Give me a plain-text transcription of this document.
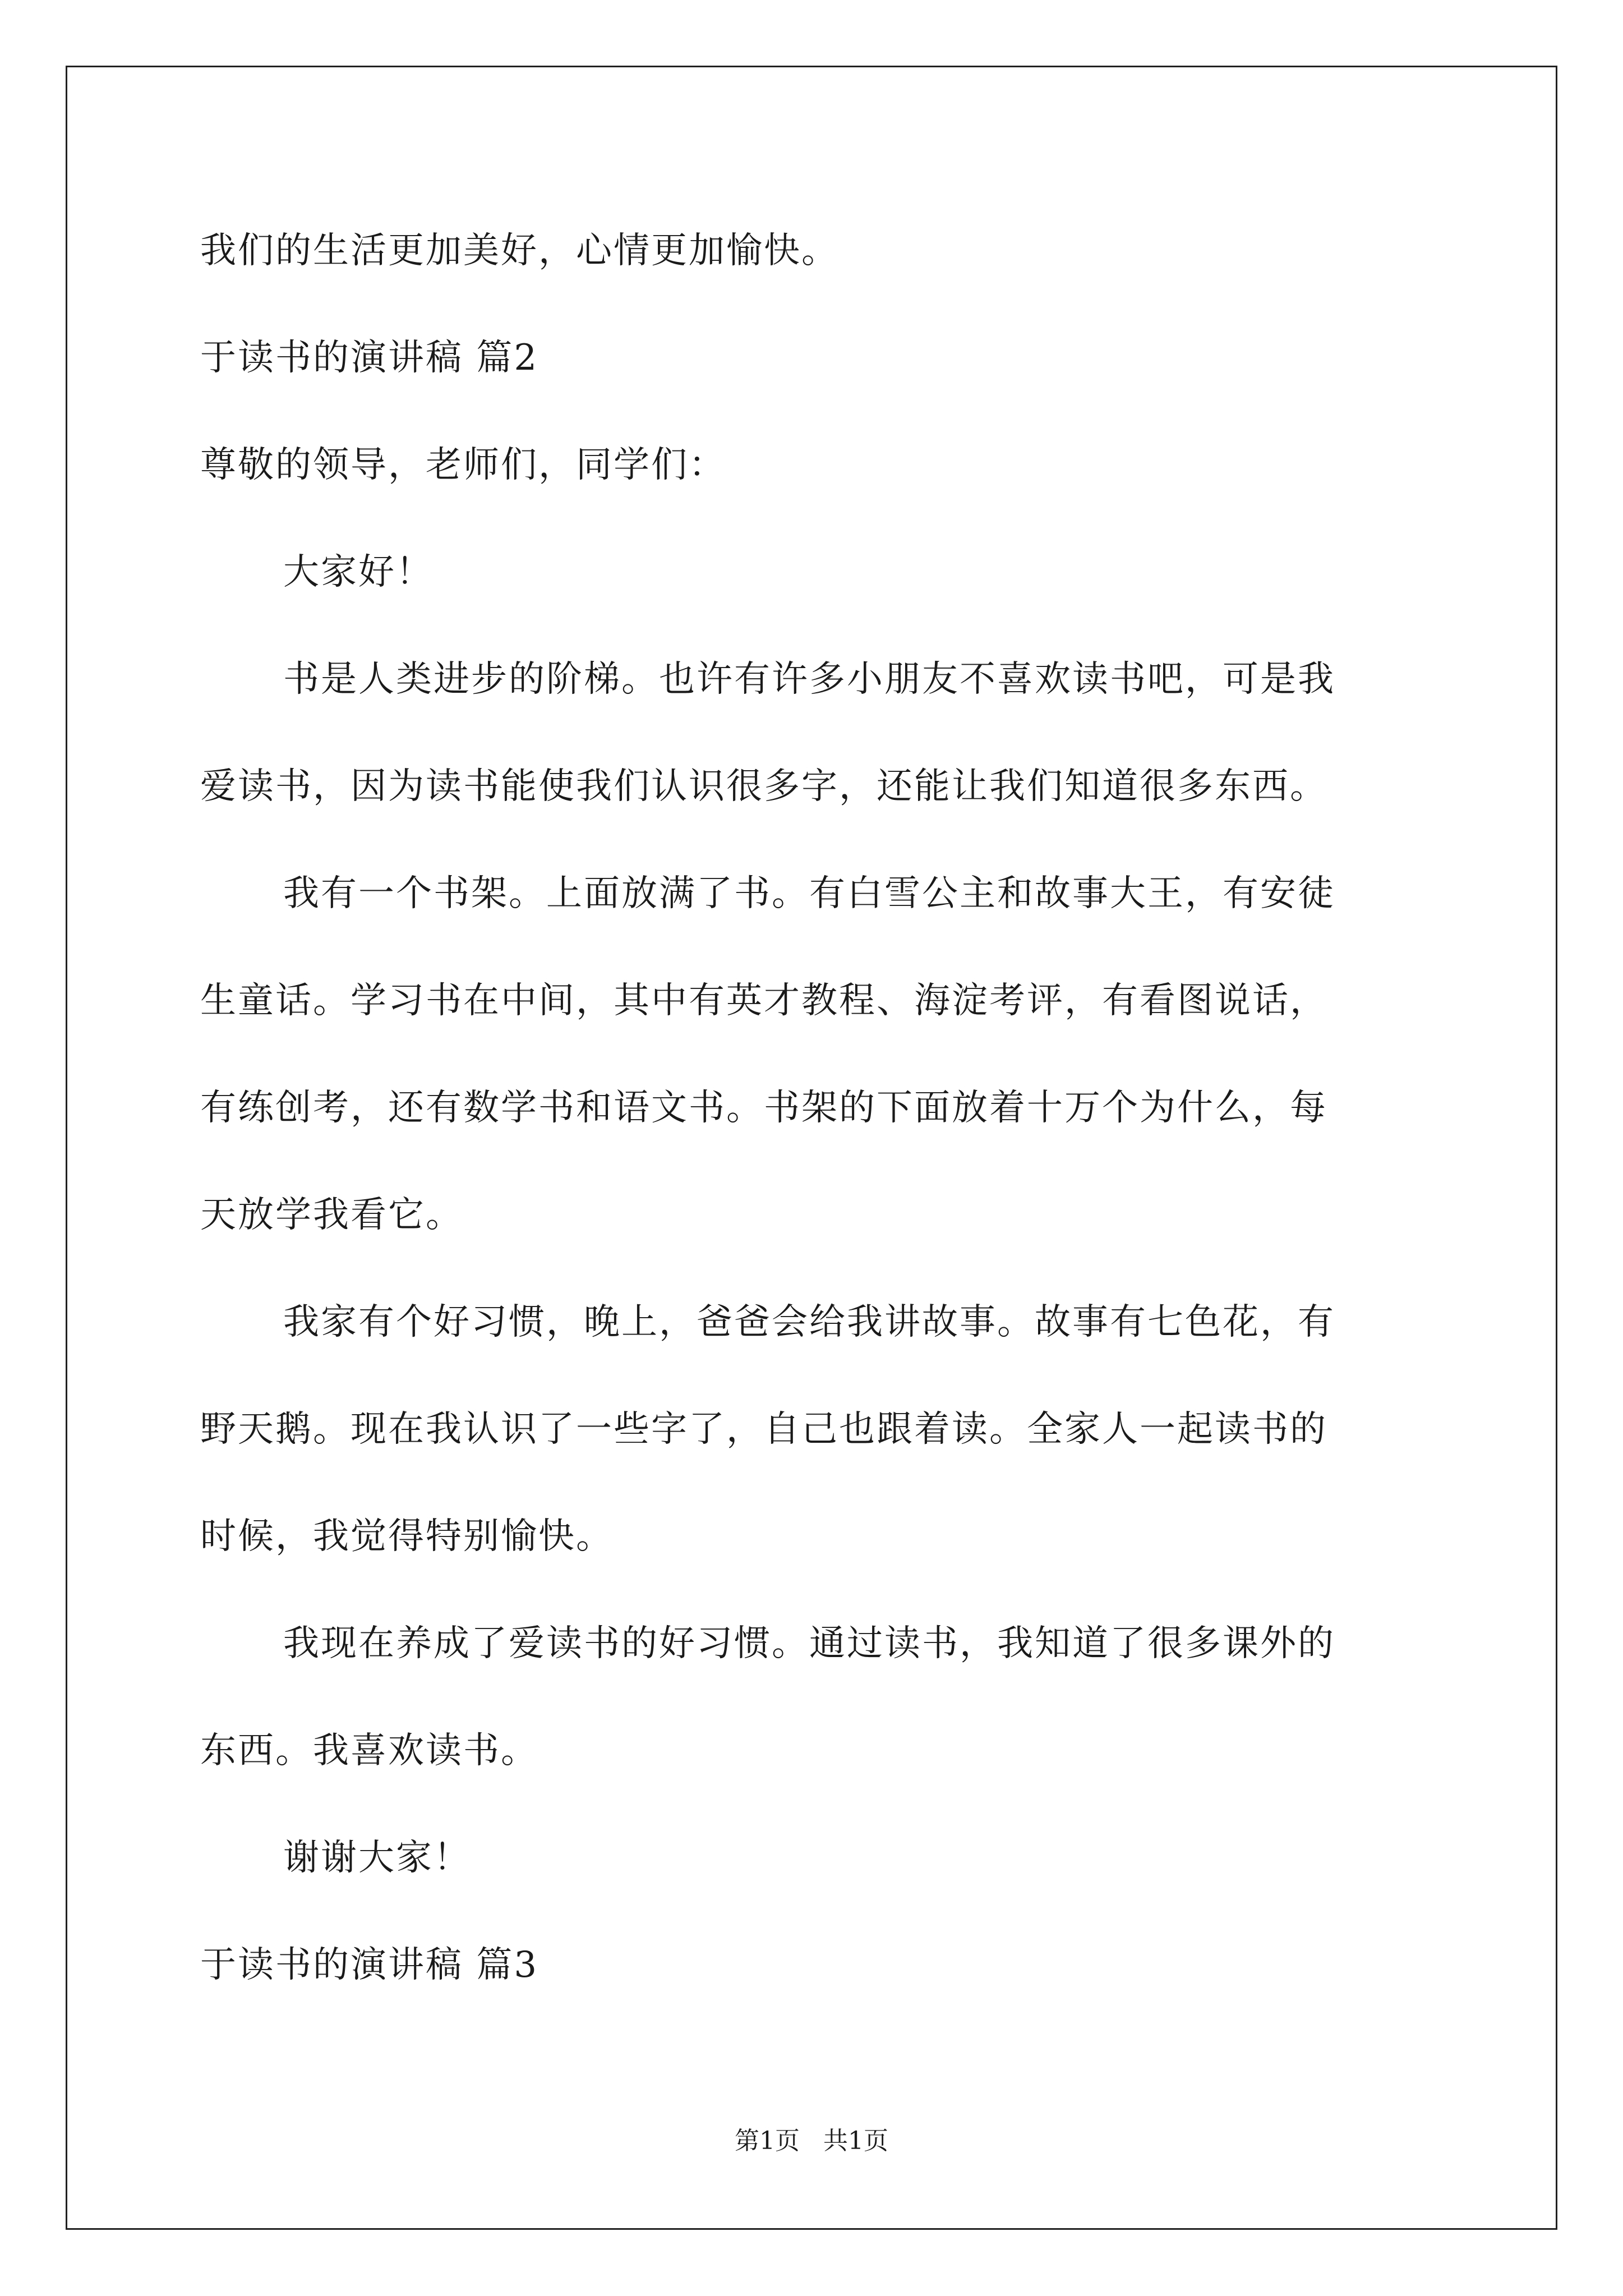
我们的生活更加美好，心情更加愉快。
于读书的演讲稿 篇2
尊敬的领导，老师们，同学们：
大家好！
书是人类进步的阶梯。也许有许多小朋友不喜欢读书吧，可是我
爱读书，因为读书能使我们认识很多字，还能让我们知道很多东西。
我有一个书架。上面放满了书。有白雪公主和故事大王，有安徒
生童话。学习书在中间，其中有英才教程、海淀考评，有看图说话，
有练创考，还有数学书和语文书。书架的下面放着十万个为什么，每
天放学我看它。
我家有个好习惯，晚上，爸爸会给我讲故事。故事有七色花，有
野天鹅。现在我认识了一些字了，自己也跟着读。全家人一起读书的
时候，我觉得特别愉快。
我现在养成了爱读书的好习惯。通过读书，我知道了很多课外的
东西。我喜欢读书。
谢谢大家！
于读书的演讲稿 篇3
第1页   共1页
